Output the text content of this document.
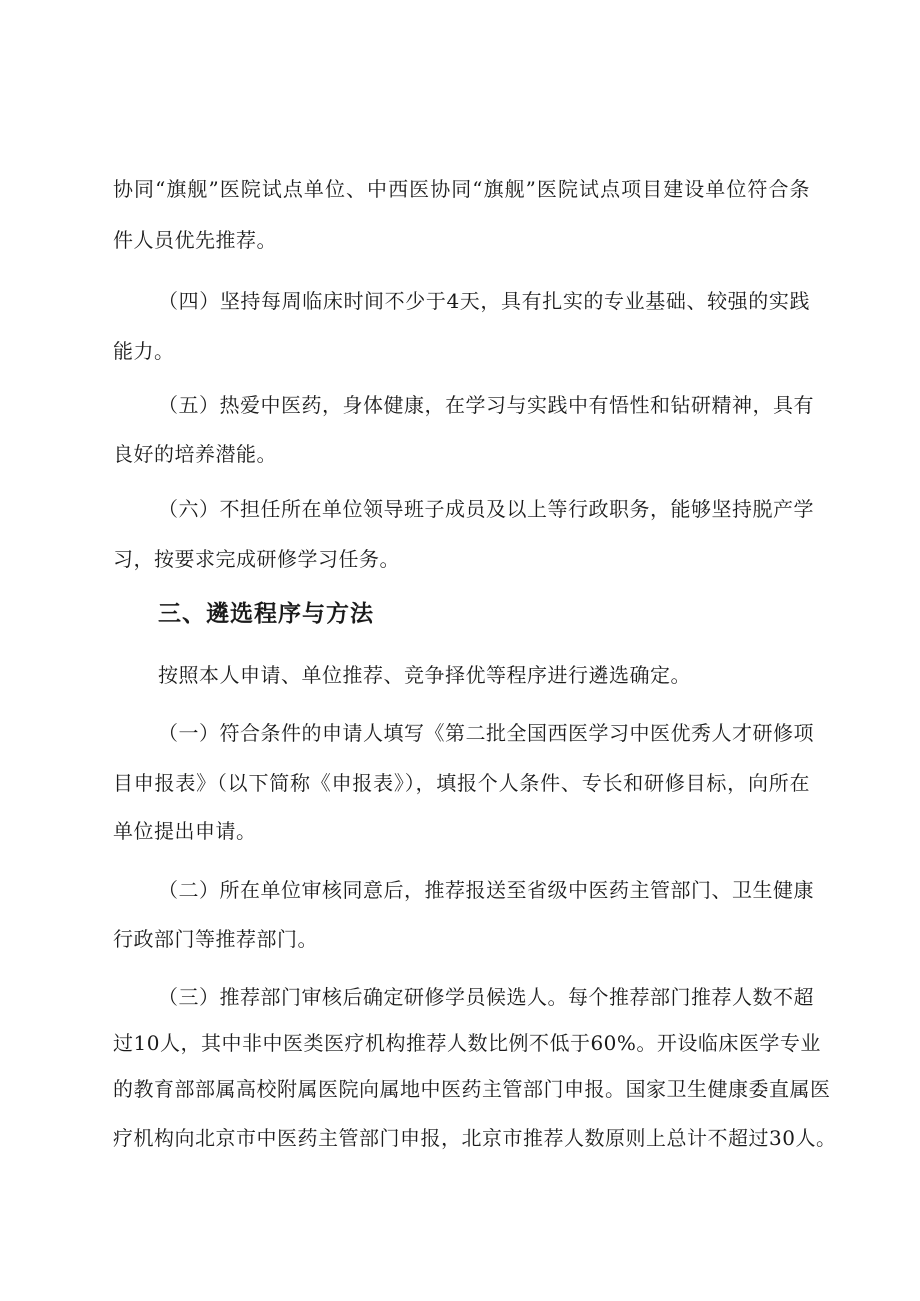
协同“旗舰”医院试点单位、中西医协同“旗舰”医院试点项目建设单位符合条
件人员优先推荐。
（四）坚持每周临床时间不少于4天，具有扎实的专业基础、较强的实践
能力。
（五）热爱中医药，身体健康，在学习与实践中有悟性和钻研精神，具有
良好的培养潜能。
（六）不担任所在单位领导班子成员及以上等行政职务，能够坚持脱产学
习，按要求完成研修学习任务。
三、遴选程序与方法
按照本人申请、单位推荐、竞争择优等程序进行遴选确定。
（一）符合条件的申请人填写《第二批全国西医学习中医优秀人才研修项
目申报表》（以下简称《申报表》），填报个人条件、专长和研修目标，向所在
单位提出申请。
（二）所在单位审核同意后，推荐报送至省级中医药主管部门、卫生健康
行政部门等推荐部门。
（三）推荐部门审核后确定研修学员候选人。每个推荐部门推荐人数不超
过10人，其中非中医类医疗机构推荐人数比例不低于60%。开设临床医学专业
的教育部部属高校附属医院向属地中医药主管部门申报。国家卫生健康委直属医
疗机构向北京市中医药主管部门申报，北京市推荐人数原则上总计不超过30人。
